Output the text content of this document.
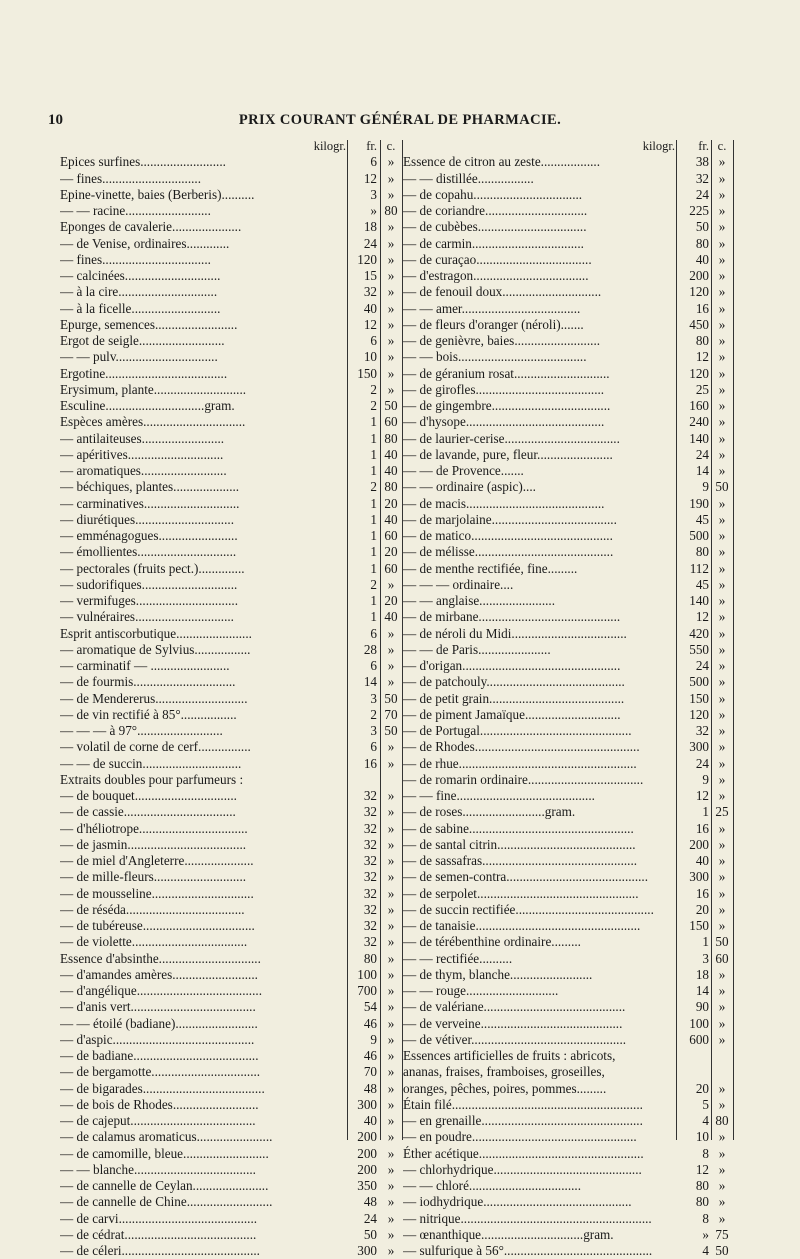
10	PRIX COURANT GÉNÉRAL DE PHARMACIE.
kilogr.	fr. c.
Epices surfines..........................	6 »
— fines..............................	12 »
Epine-vinette, baies (Berberis)..........	3 »
— — racine..........................	» 80
Eponges de cavalerie.....................	18 »
— de Venise, ordinaires.............	24 »
— fines.................................	120 »
— calcinées.............................	15 »
— à la cire..............................	32 »
— à la ficelle...........................	40 »
Epurge, semences.........................	12 »
Ergot de seigle..........................	6 »
— — pulv...............................	10 »
Ergotine.....................................	150 »
Erysimum, plante............................	2 »
Esculine..............................gram.	2 50
Espèces amères...............................	1 60
— antilaiteuses.........................	1 80
— apéritives.............................	1 40
— aromatiques..........................	1 40
— béchiques, plantes....................	2 80
— carminatives.............................	1 20
— diurétiques..............................	1 40
— emménagogues........................	1 60
— émollientes..............................	1 20
— pectorales (fruits pect.)..............	1 60
— sudorifiques.............................	2 »
— vermifuges...............................	1 20
— vulnéraires..............................	1 40
Esprit antiscorbutique.......................	6 »
— aromatique de Sylvius.................	28 »
— carminatif — ........................	6 »
— de fourmis...............................	14 »
— de Mendererus............................	3 50
— de vin rectifié à 85°.................	2 70
— — — à 97°..........................	3 50
— volatil de corne de cerf................	6 »
— — de succin..............................	16 »
Extraits doubles pour parfumeurs :
— de bouquet...............................	32 »
— de cassie..................................	32 »
— d'héliotrope.................................	32 »
— de jasmin....................................	32 »
— de miel d'Angleterre.....................	32 »
— de mille-fleurs............................	32 »
— de mousseline...............................	32 »
— de réséda....................................	32 »
— de tubéreuse..................................	32 »
— de violette...................................	32 »
Essence d'absinthe...............................	80 »
— d'amandes amères..........................	100 »
— d'angélique......................................	700 »
— d'anis vert......................................	54 »
— — étoilé (badiane).........................	46 »
— d'aspic...........................................	9 »
— de badiane......................................	46 »
— de bergamotte.................................	70 »
— de bigarades.....................................	48 »
— de bois de Rhodes..........................	300 »
— de cajeput......................................	40 »
— de calamus aromaticus.......................	200 »
— de camomille, bleue..........................	200 »
— — blanche.....................................	200 »
— de cannelle de Ceylan.......................	350 »
— de cannelle de Chine..........................	48 »
— de carvi..........................................	24 »
— de cédrat........................................	50 »
— de céleri..........................................	300 »
kilogr.	fr. c.
Essence de citron au zeste..................	38 »
— — distillée.................	32 »
— de copahu.................................	24 »
— de coriandre...............................	225 »
— de cubèbes.................................	50 »
— de carmin..................................	80 »
— de curaçao...................................	40 »
— d'estragon...................................	200 »
— de fenouil doux..............................	120 »
— — amer....................................	16 »
— de fleurs d'oranger (néroli).......	450 »
— de genièvre, baies..........................	80 »
— — bois.......................................	12 »
— de géranium rosat.............................	120 »
— de girofles.......................................	25 »
— de gingembre....................................	160 »
— d'hysope..........................................	240 »
— de laurier-cerise...................................	140 »
— de lavande, pure, fleur.......................	24 »
— — de Provence.......	14 »
— — ordinaire (aspic)....	9 50
— de macis..........................................	190 »
— de marjolaine......................................	45 »
— de matico...........................................	500 »
— de mélisse..........................................	80 »
— de menthe rectifiée, fine.........	112 »
— — — ordinaire....	45 »
— — anglaise.......................	140 »
— de mirbane...........................................	12 »
— de néroli du Midi...................................	420 »
— — de Paris......................	550 »
— d'origan................................................	24 »
— de patchouly..........................................	500 »
— de petit grain.........................................	150 »
— de piment Jamaïque.............................	120 »
— de Portugal..............................................	32 »
— de Rhodes..................................................	300 »
— de rhue......................................................	24 »
— de romarin ordinaire...................................	9 »
— — fine..........................................	12 »
— de roses.........................gram.	1 25
— de sabine..................................................	16 »
— de santal citrin..........................................	200 »
— de sassafras...............................................	40 »
— de semen-contra...........................................	300 »
— de serpolet.................................................	16 »
— de succin rectifiée..........................................	20 »
— de tanaisie..................................................	150 »
— de térébenthine ordinaire.........	1 50
— — rectifiée..........	3 60
— de thym, blanche.........................	18 »
— — rouge............................	14 »
— de valériane...........................................	90 »
— de verveine...........................................	100 »
— de vétiver...............................................	600 »
Essences artificielles de fruits : abricots,
ananas, fraises, framboises, groseilles,
oranges, pêches, poires, pommes.........	20 »
Étain filé..........................................................	5 »
— en grenaille.................................................	4 80
— en poudre..................................................	10 »
Éther acétique..................................................	8 »
— chlorhydrique.............................................	12 »
— — chloré..................................	80 »
— iodhydrique.............................................	80 »
— nitrique..........................................................	8 »
— œnanthique...............................gram.	» 75
— sulfurique à 56°.............................................	4 50
